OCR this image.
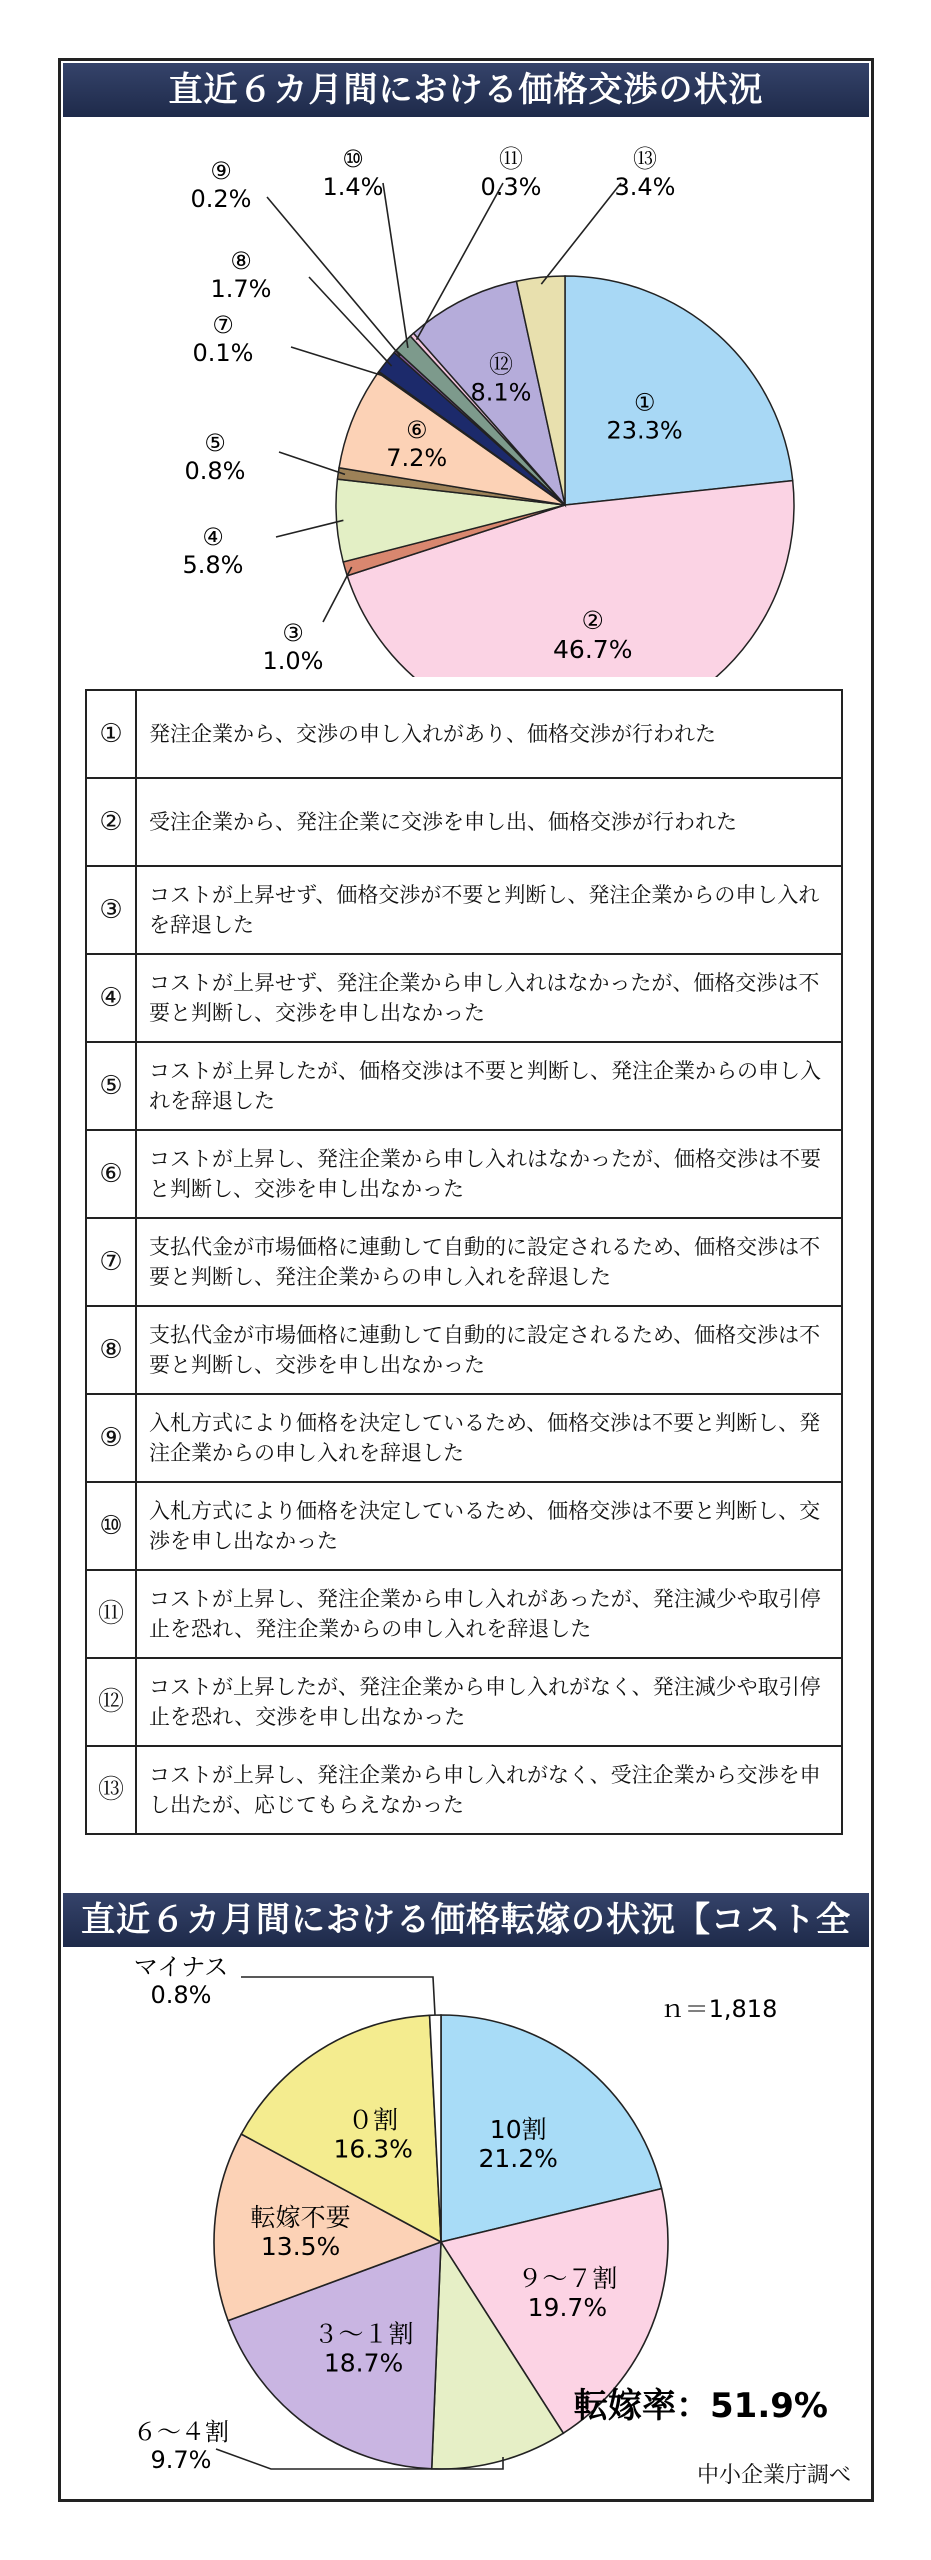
直近６カ月間における価格交渉の状況
①
23.3%
②
46.7%
⑥
7.2%
⑫
8.1%
③
1.0%
④
5.8%
⑤
0.8%
⑦
0.1%
⑧
1.7%
⑨
0.2%
⑩
1.4%
⑪
0.3%
⑬
3.4%
①	発注企業から、交渉の申し入れがあり、価格交渉が行われた
②	受注企業から、発注企業に交渉を申し出、価格交渉が行われた
③	コストが上昇せず、価格交渉が不要と判断し、発注企業からの申し入れを辞退した
④	コストが上昇せず、発注企業から申し入れはなかったが、価格交渉は不要と判断し、交渉を申し出なかった
⑤	コストが上昇したが、価格交渉は不要と判断し、発注企業からの申し入れを辞退した
⑥	コストが上昇し、発注企業から申し入れはなかったが、価格交渉は不要と判断し、交渉を申し出なかった
⑦	支払代金が市場価格に連動して自動的に設定されるため、価格交渉は不要と判断し、発注企業からの申し入れを辞退した
⑧	支払代金が市場価格に連動して自動的に設定されるため、価格交渉は不要と判断し、交渉を申し出なかった
⑨	入札方式により価格を決定しているため、価格交渉は不要と判断し、発注企業からの申し入れを辞退した
⑩	入札方式により価格を決定しているため、価格交渉は不要と判断し、交渉を申し出なかった
⑪	コストが上昇し、発注企業から申し入れがあったが、発注減少や取引停止を恐れ、発注企業からの申し入れを辞退した
⑫	コストが上昇したが、発注企業から申し入れがなく、発注減少や取引停止を恐れ、交渉を申し出なかった
⑬	コストが上昇し、発注企業から申し入れがなく、受注企業から交渉を申し出たが、応じてもらえなかった
直近６カ月間における価格転嫁の状況【コスト全般】
10割
21.2%
９～７割
19.7%
３～１割
18.7%
転嫁不要
13.5%
０割
16.3%
６～４割
9.7%
マイナス
0.8%	ｎ＝1,818
転嫁率：51.9%
中小企業庁調べ
